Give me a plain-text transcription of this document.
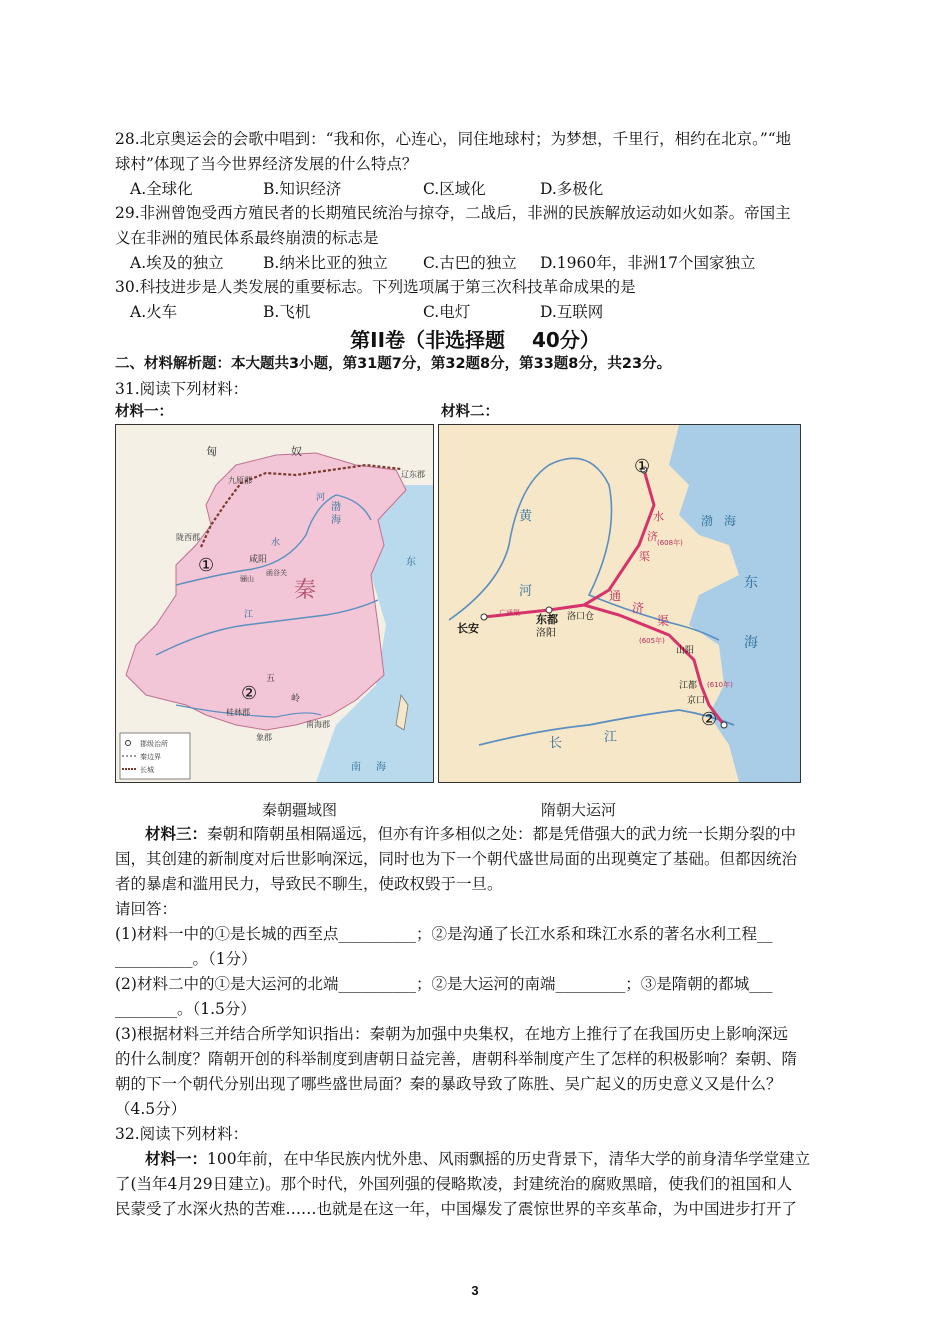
28.北京奥运会的会歌中唱到：“我和你，心连心，同住地球村；为梦想，千里行，相约在北京。”“地
球村”体现了当今世界经济发展的什么特点？
A.全球化	B.知识经济	C.区域化	D.多极化
29.非洲曾饱受西方殖民者的长期殖民统治与掠夺，二战后，非洲的民族解放运动如火如荼。帝国主
义在非洲的殖民体系最终崩溃的标志是
A.埃及的独立	B.纳米比亚的独立 C.古巴的独立 D.1960年，非洲17个国家独立
30.科技进步是人类发展的重要标志。下列选项属于第三次科技革命成果的是
A.火车	B.飞机	C.电灯	D.互联网
第II卷（非选择题　 40分）
二、材料解析题：本大题共3小题，第31题7分，第32题8分，第33题8分，共23分。
31.阅读下列材料：
材料一：	材料二：
匈	奴
九原郡
辽东郡
陇西郡
咸阳
骊山
函谷关
秦
渤
海
水
河
东
江
五
岭
桂林郡
南海郡
象郡
南 海
①
②
郡级治所
秦边界
长城
长安
东都
洛阳
洛口仓
山阳
江都
京口
广通渠
通
济
渠
水
济
渠
(608年)
(605年)
(610年)
黄
河
渤 海
东
海
长	江
①
②
秦朝疆域图	隋朝大运河
材料三：秦朝和隋朝虽相隔遥远，但亦有许多相似之处：都是凭借强大的武力统一长期分裂的中
国，其创建的新制度对后世影响深远，同时也为下一个朝代盛世局面的出现奠定了基础。但都因统治
者的暴虐和滥用民力，导致民不聊生，使政权毁于一旦。
请回答：
(1)材料一中的①是长城的西至点__________；②是沟通了长江水系和珠江水系的著名水利工程__
__________。（1分）
(2)材料二中的①是大运河的北端__________；②是大运河的南端_________；③是隋朝的都城___
________。（1.5分）
(3)根据材料三并结合所学知识指出：秦朝为加强中央集权，在地方上推行了在我国历史上影响深远
的什么制度？隋朝开创的科举制度到唐朝日益完善，唐朝科举制度产生了怎样的积极影响？秦朝、隋
朝的下一个朝代分别出现了哪些盛世局面？秦的暴政导致了陈胜、吴广起义的历史意义又是什么？
（4.5分）
32.阅读下列材料：
材料一：100年前，在中华民族内忧外患、风雨飘摇的历史背景下，清华大学的前身清华学堂建立
了(当年4月29日建立)。那个时代，外国列强的侵略欺凌，封建统治的腐败黑暗，使我们的祖国和人
民蒙受了水深火热的苦难……也就是在这一年，中国爆发了震惊世界的辛亥革命，为中国进步打开了
3
